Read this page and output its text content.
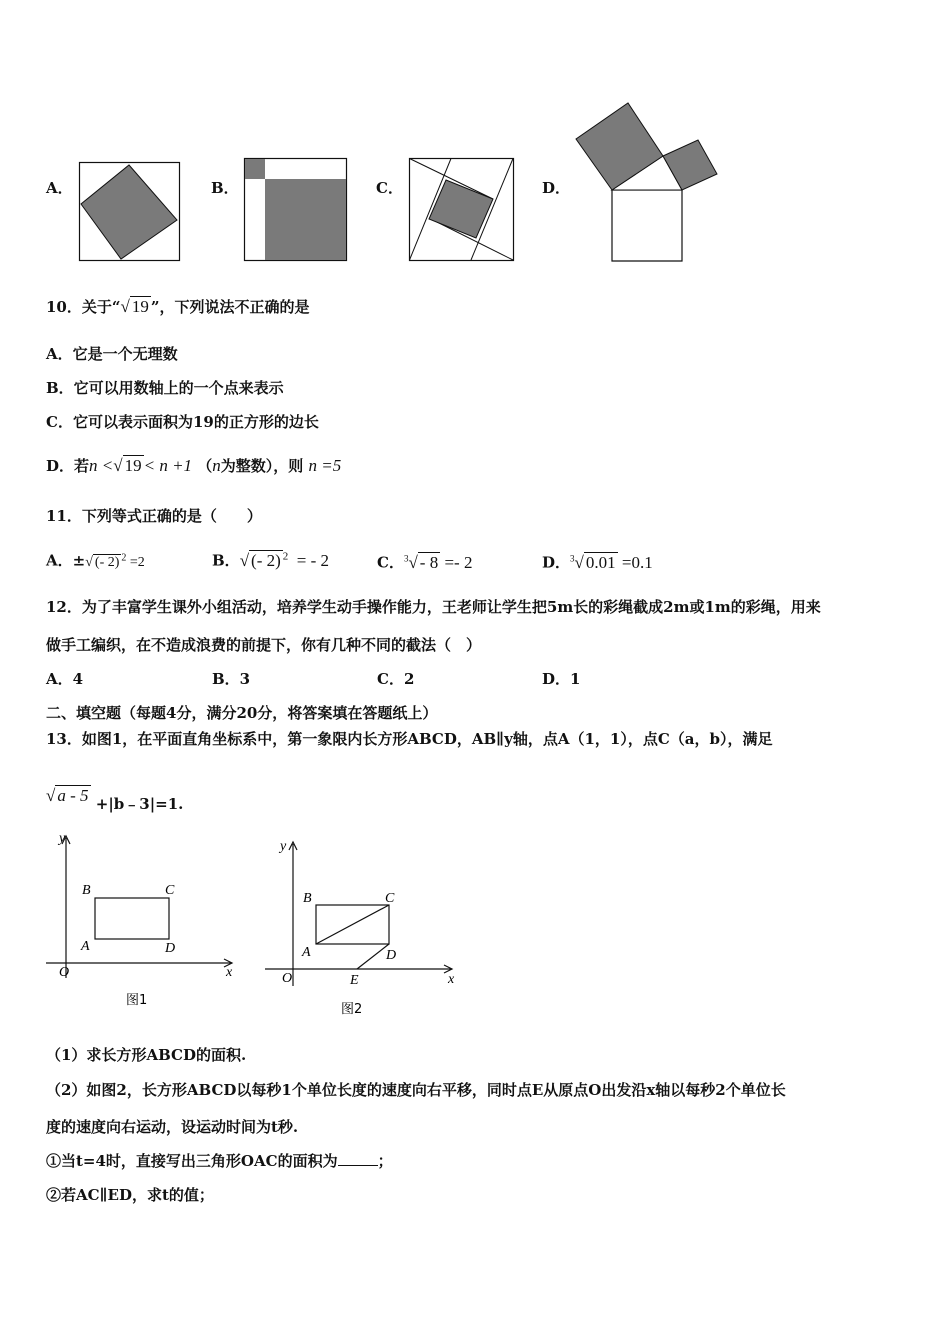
A．	B．	C．	D．
10．关于“√ 19 ”，下列说法不正确的是
A．它是一个无理数
B．它可以用数轴上的一个点来表示
C．它可以表示面积为19的正方形的边长
D．若n <√ 19 < n +1 （n为整数），则 n =5
11．下列等式正确的是（　　）
A．±√ (- 2) $^2$ =2	B．√ (- 2) $^2$ = - 2	C．$^3$√ - 8 =- 2	D．$^3$√ 0.01 =0.1
12．为了丰富学生课外小组活动，培养学生动手操作能力，王老师让学生把5m长的彩绳截成2m或1m的彩绳，用来
做手工编织，在不造成浪费的前提下，你有几种不同的截法（　）
A．4	B．3	C．2	D．1
二、填空题（每题4分，满分20分，将答案填在答题纸上）
13．如图1，在平面直角坐标系中，第一象限内长方形ABCD，AB∥y轴，点A（1，1），点C（a，b），满足
√ a - 5 +|b﹣3|=1.
y
x
O
A
B	C
D
图1
y
x
O
A
B	C
D
E
图2
（1）求长方形ABCD的面积.
（2）如图2，长方形ABCD以每秒1个单位长度的速度向右平移，同时点E从原点O出发沿x轴以每秒2个单位长
度的速度向右运动，设运动时间为t秒.
①当t=4时，直接写出三角形OAC的面积为	；
②若AC∥ED，求t的值；
